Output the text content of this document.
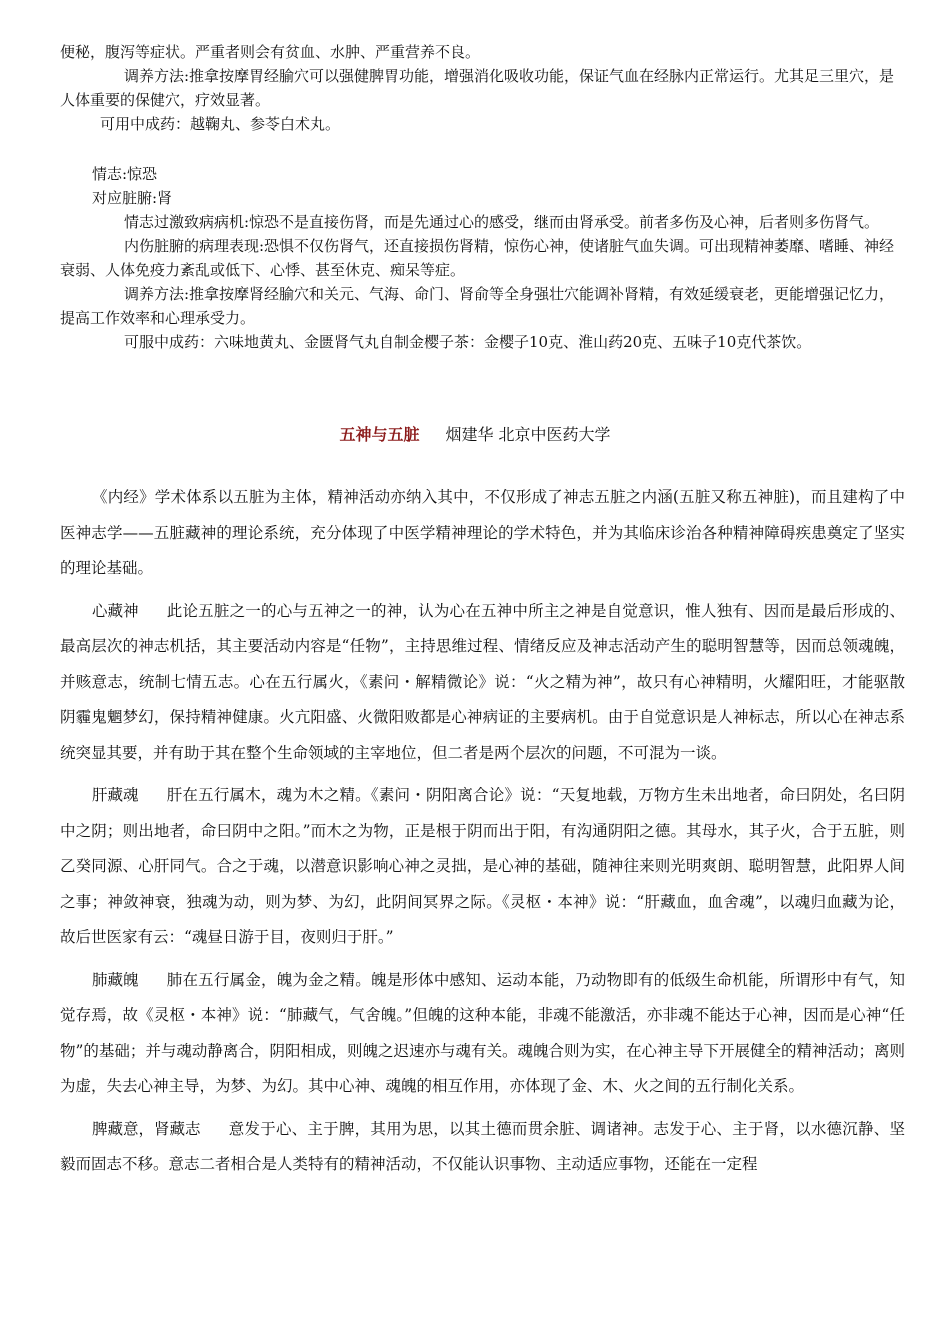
便秘，腹泻等症状。严重者则会有贫血、水肿、严重营养不良。

调养方法:推拿按摩胃经腧穴可以强健脾胃功能，增强消化吸收功能，保证气血在经脉内正常运行。尤其足三里穴，是人体重要的保健穴，疗效显著。

可用中成药：越鞠丸、参苓白术丸。

情志:惊恐

对应脏腑:肾

情志过激致病病机:惊恐不是直接伤肾，而是先通过心的感受，继而由肾承受。前者多伤及心神，后者则多伤肾气。

内伤脏腑的病理表现:恐惧不仅伤肾气，还直接损伤肾精，惊伤心神，使诸脏气血失调。可出现精神萎靡、嗜睡、神经衰弱、人体免疫力紊乱或低下、心悸、甚至休克、痴呆等症。

调养方法:推拿按摩肾经腧穴和关元、气海、命门、肾俞等全身强壮穴能调补肾精，有效延缓衰老，更能增强记忆力，提高工作效率和心理承受力。

可服中成药：六味地黄丸、金匮肾气丸自制金樱子茶：金樱子10克、淮山药20克、五味子10克代茶饮。

五神与五脏 烟建华 北京中医药大学

《内经》学术体系以五脏为主体，精神活动亦纳入其中，不仅形成了神志五脏之内涵(五脏又称五神脏)，而且建构了中医神志学——五脏藏神的理论系统，充分体现了中医学精神理论的学术特色，并为其临床诊治各种精神障碍疾患奠定了坚实的理论基础。

心藏神 此论五脏之一的心与五神之一的神，认为心在五神中所主之神是自觉意识，惟人独有、因而是最后形成的、最高层次的神志机括，其主要活动内容是“任物”，主持思维过程、情绪反应及神志活动产生的聪明智慧等，因而总领魂魄，并赅意志，统制七情五志。心在五行属火，《素问・解精微论》说：“火之精为神”，故只有心神精明，火耀阳旺，才能驱散阴霾鬼魍梦幻，保持精神健康。火亢阳盛、火微阳败都是心神病证的主要病机。由于自觉意识是人神标志，所以心在神志系统突显其要，并有助于其在整个生命领域的主宰地位，但二者是两个层次的问题，不可混为一谈。

肝藏魂 肝在五行属木，魂为木之精。《素问・阴阳离合论》说：“天复地载，万物方生未出地者，命曰阴处，名曰阴中之阴；则出地者，命曰阴中之阳。”而木之为物，正是根于阴而出于阳，有沟通阴阳之德。其母水，其子火，合于五脏，则乙癸同源、心肝同气。合之于魂，以潜意识影响心神之灵拙，是心神的基础，随神往来则光明爽朗、聪明智慧，此阳界人间之事；神敛神衰，独魂为动，则为梦、为幻，此阴间冥界之际。《灵枢・本神》说：“肝藏血，血舍魂”，以魂归血藏为论，故后世医家有云：“魂昼日游于目，夜则归于肝。”

肺藏魄 肺在五行属金，魄为金之精。魄是形体中感知、运动本能，乃动物即有的低级生命机能，所谓形中有气，知觉存焉，故《灵枢・本神》说：“肺藏气，气舍魄。”但魄的这种本能，非魂不能激活，亦非魂不能达于心神，因而是心神“任物”的基础；并与魂动静离合，阴阳相成，则魄之迟速亦与魂有关。魂魄合则为实，在心神主导下开展健全的精神活动；离则为虚，失去心神主导，为梦、为幻。其中心神、魂魄的相互作用，亦体现了金、木、火之间的五行制化关系。

脾藏意，肾藏志 意发于心、主于脾，其用为思，以其土德而贯余脏、调诸神。志发于心、主于肾，以水德沉静、坚毅而固志不移。意志二者相合是人类特有的精神活动，不仅能认识事物、主动适应事物，还能在一定程
